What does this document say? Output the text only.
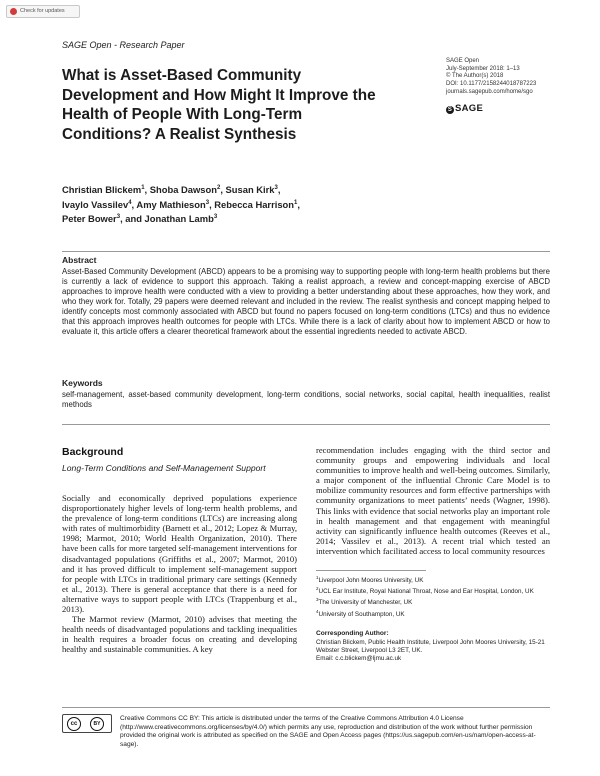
Check for updates
SAGE Open - Research Paper
What is Asset-Based Community Development and How Might It Improve the Health of People With Long-Term Conditions? A Realist Synthesis
SAGE Open
July-September 2018: 1–13
© The Author(s) 2018
DOI: 10.1177/2158244018787223
journals.sagepub.com/home/sgo
S SAGE
Christian Blickem$^1$, Shoba Dawson$^2$, Susan Kirk$^3$,
Ivaylo Vassilev$^4$, Amy Mathieson$^3$, Rebecca Harrison$^1$,
Peter Bower$^3$, and Jonathan Lamb$^3$
Abstract
Asset-Based Community Development (ABCD) appears to be a promising way to supporting people with long-term health problems but there is currently a lack of evidence to support this approach. Taking a realist approach, a review and concept-mapping exercise of ABCD approaches to improve health were conducted with a view to providing a better understanding about these approaches, how they work, and who they work for. Totally, 29 papers were deemed relevant and included in the review. The realist synthesis and concept mapping helped to identify concepts most commonly associated with ABCD but found no papers focused on long-term conditions (LTCs) and thus no evidence that this approach improves health outcomes for people with LTCs. While there is a lack of clarity about how to implement ABCD or how to evaluate it, this article offers a clearer theoretical framework about the essential ingredients needed to activate ABCD.
Keywords
self-management, asset-based community development, long-term conditions, social networks, social capital, health inequalities, realist methods
Background
Long-Term Conditions and Self-Management Support

Socially and economically deprived populations experience disproportionately higher levels of long-term health problems, and the prevalence of long-term conditions (LTCs) are increasing along with rates of multimorbidity (Barnett et al., 2012; Lopez & Murray, 1998; Marmot, 2010; World Health Organization, 2010). There have been calls for more targeted self-management interventions for disadvantaged populations (Griffiths et al., 2007; Marmot, 2010) and it has proved difficult to implement self-management support for people with LTCs in traditional primary care settings (Kennedy et al., 2013). There is general acceptance that there is a need for alternative ways to support people with LTCs (Trappenburg et al., 2013).

The Marmot review (Marmot, 2010) advises that meeting the health needs of disadvantaged populations and tackling inequalities in health requires a broader focus on creating and developing healthy and sustainable communities. A key

recommendation includes engaging with the third sector and community groups and empowering individuals and local communities to improve health and well-being outcomes. Similarly, a major component of the influential Chronic Care Model is to mobilize community resources and form effective partnerships with community organizations to meet patients’ needs (Wagner, 1998). This links with evidence that social networks play an important role in health management and that engagement with meaningful activity can significantly influence health outcomes (Reeves et al., 2014; Vassilev et al., 2013). A recent trial which tested an intervention which facilitated access to local community resources

$^1$Liverpool John Moores University, UK
$^2$UCL Ear Institute, Royal National Throat, Nose and Ear Hospital, London, UK
$^3$The University of Manchester, UK
$^4$University of Southampton, UK
Corresponding Author:
Christian Blickem, Public Health Institute, Liverpool John Moores University, 15-21 Webster Street, Liverpool L3 2ET, UK.
Email: c.c.blickem@ljmu.ac.uk
cc	BY
Creative Commons CC BY: This article is distributed under the terms of the Creative Commons Attribution 4.0 License (http://www.creativecommons.org/licenses/by/4.0/) which permits any use, reproduction and distribution of the work without further permission provided the original work is attributed as specified on the SAGE and Open Access pages (https://us.sagepub.com/en-us/nam/open-access-at-sage).
